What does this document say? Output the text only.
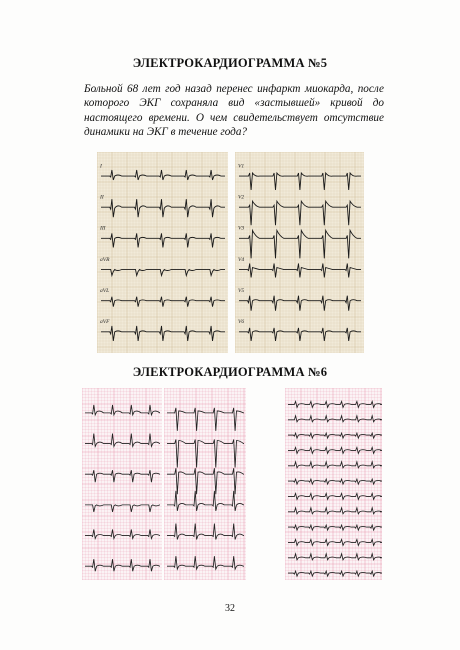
ЭЛЕКТРОКАРДИОГРАММА №5
Больной 68 лет год назад перенес инфаркт миокарда, после которого ЭКГ сохраняла вид «застывшей» кривой до настоящего времени. О чем свидетельствует отсутствие динамики на ЭКГ в течение года?
I
II
III
aVR
aVL
aVF
V1
V2
V3
V4
V5
V6
ЭЛЕКТРОКАРДИОГРАММА №6
32
